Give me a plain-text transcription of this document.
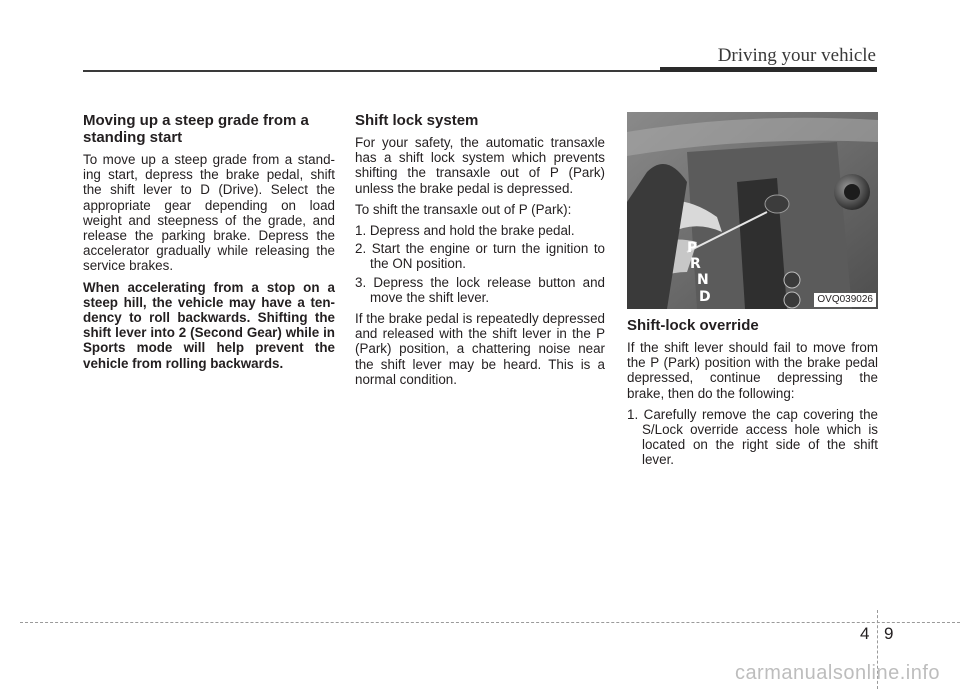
Driving your vehicle
Moving up a steep grade from a standing start

To move up a steep grade from a stand-ing start, depress the brake pedal, shift the shift lever to D (Drive). Select the appropriate gear depending on load weight and steepness of the grade, and release the parking brake. Depress the accelerator gradually while releasing the service brakes.

When accelerating from a stop on a steep hill, the vehicle may have a ten-dency to roll backwards. Shifting the shift lever into 2 (Second Gear) while in Sports mode will help prevent the vehicle from rolling backwards.

Shift lock system

For your safety, the automatic transaxle has a shift lock system which prevents shifting the transaxle out of P (Park) unless the brake pedal is depressed.

To shift the transaxle out of P (Park):

1. Depress and hold the brake pedal.
2. Start the engine or turn the ignition to the ON position.
3. Depress the lock release button and move the shift lever.

If the brake pedal is repeatedly depressed and released with the shift lever in the P (Park) position, a chattering noise near the shift lever may be heard. This is a normal condition.

P
R
N
D	OVQ039026
Shift-lock override

If the shift lever should fail to move from the P (Park) position with the brake pedal depressed, continue depressing the brake, then do the following:

1. Carefully remove the cap covering the S/Lock override access hole which is located on the right side of the shift lever.
4 9
carmanualsonline.info
